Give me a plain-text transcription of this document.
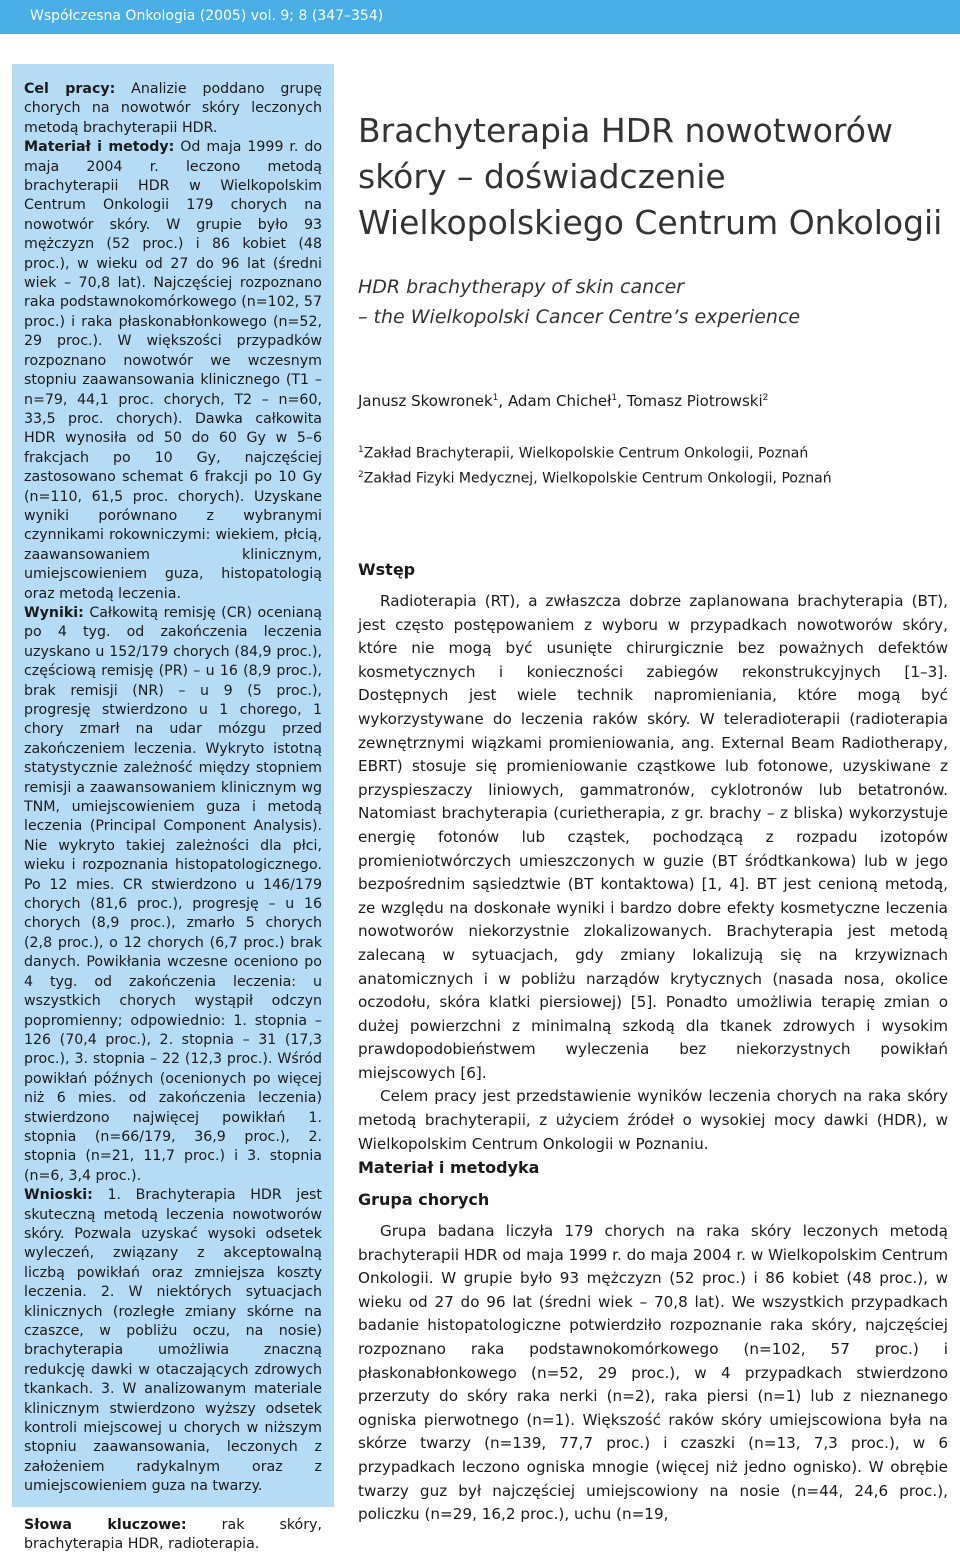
Współczesna Onkologia (2005) vol. 9; 8 (347–354)

Cel pracy: Analizie poddano grupę chorych na nowotwór skóry leczonych metodą brachyterapii HDR.

Materiał i metody: Od maja 1999 r. do maja 2004 r. leczono metodą brachyterapii HDR w Wielkopolskim Centrum Onkologii 179 chorych na nowotwór skóry. W grupie było 93 mężczyzn (52 proc.) i 86 kobiet (48 proc.), w wieku od 27 do 96 lat (średni wiek – 70,8 lat). Najczęściej rozpoznano raka podstawnokomórkowego (n=102, 57 proc.) i raka płaskonabłonkowego (n=52, 29 proc.). W większości przypadków rozpoznano nowotwór we wczesnym stopniu zaawansowania klinicznego (T1 – n=79, 44,1 proc. chorych, T2 – n=60, 33,5 proc. chorych). Dawka całkowita HDR wynosiła od 50 do 60 Gy w 5–6 frakcjach po 10 Gy, najczęściej zastosowano schemat 6 frakcji po 10 Gy (n=110, 61,5 proc. chorych). Uzyskane wyniki porównano z wybranymi czynnikami rokowniczymi: wiekiem, płcią, zaawansowaniem klinicznym, umiejscowieniem guza, histopatologią oraz metodą leczenia.

Wyniki: Całkowitą remisję (CR) ocenianą po 4 tyg. od zakończenia leczenia uzyskano u 152/179 chorych (84,9 proc.), częściową remisję (PR) – u 16 (8,9 proc.), brak remisji (NR) – u 9 (5 proc.), progresję stwierdzono u 1 chorego, 1 chory zmarł na udar mózgu przed zakończeniem leczenia. Wykryto istotną statystycznie zależność między stopniem remisji a zaawansowaniem klinicznym wg TNM, umiejscowieniem guza i metodą leczenia (Principal Component Analysis). Nie wykryto takiej zależności dla płci, wieku i rozpoznania histopatologicznego. Po 12 mies. CR stwierdzono u 146/179 chorych (81,6 proc.), progresję – u 16 chorych (8,9 proc.), zmarło 5 chorych (2,8 proc.), o 12 chorych (6,7 proc.) brak danych. Powikłania wczesne oceniono po 4 tyg. od zakończenia leczenia: u wszystkich chorych wystąpił odczyn popromienny; odpowiednio: 1. stopnia – 126 (70,4 proc.), 2. stopnia – 31 (17,3 proc.), 3. stopnia – 22 (12,3 proc.). Wśród powikłań późnych (ocenionych po więcej niż 6 mies. od zakończenia leczenia) stwierdzono najwięcej powikłań 1. stopnia (n=66/179, 36,9 proc.), 2. stopnia (n=21, 11,7 proc.) i 3. stopnia (n=6, 3,4 proc.).

Wnioski: 1. Brachyterapia HDR jest skuteczną metodą leczenia nowotworów skóry. Pozwala uzyskać wysoki odsetek wyleczeń, związany z akceptowalną liczbą powikłań oraz zmniejsza koszty leczenia. 2. W niektórych sytuacjach klinicznych (rozległe zmiany skórne na czaszce, w pobliżu oczu, na nosie) brachyterapia umożliwia znaczną redukcję dawki w otaczających zdrowych tkankach. 3. W analizowanym materiale klinicznym stwierdzono wyższy odsetek kontroli miejscowej u chorych w niższym stopniu zaawansowania, leczonych z założeniem radykalnym oraz z umiejscowieniem guza na twarzy.

Słowa kluczowe: rak skóry, brachyterapia HDR, radioterapia.

Brachyterapia HDR nowotworów skóry – doświadczenie Wielkopolskiego Centrum Onkologii
HDR brachytherapy of skin cancer
– the Wielkopolski Cancer Centre’s experience
Janusz Skowronek$^1$, Adam Chicheł$^1$, Tomasz Piotrowski$^2$
$^1$Zakład Brachyterapii, Wielkopolskie Centrum Onkologii, Poznań
$^2$Zakład Fizyki Medycznej, Wielkopolskie Centrum Onkologii, Poznań
Wstęp

Radioterapia (RT), a zwłaszcza dobrze zaplanowana brachyterapia (BT), jest często postępowaniem z wyboru w przypadkach nowotworów skóry, które nie mogą być usunięte chirurgicznie bez poważnych defektów kosmetycznych i konieczności zabiegów rekonstrukcyjnych [1–3]. Dostępnych jest wiele technik napromieniania, które mogą być wykorzystywane do leczenia raków skóry. W teleradioterapii (radioterapia zewnętrznymi wiązkami promieniowania, ang. External Beam Radiotherapy, EBRT) stosuje się promieniowanie cząstkowe lub fotonowe, uzyskiwane z przyspieszaczy liniowych, gammatronów, cyklotronów lub betatronów. Natomiast brachyterapia (curietherapia, z gr. brachy – z bliska) wykorzystuje energię fotonów lub cząstek, pochodzącą z rozpadu izotopów promieniotwórczych umieszczonych w guzie (BT śródtkankowa) lub w jego bezpośrednim sąsiedztwie (BT kontaktowa) [1, 4]. BT jest cenioną metodą, ze względu na doskonałe wyniki i bardzo dobre efekty kosmetyczne leczenia nowotworów niekorzystnie zlokalizowanych. Brachyterapia jest metodą zalecaną w sytuacjach, gdy zmiany lokalizują się na krzywiznach anatomicznych i w pobliżu narządów krytycznych (nasada nosa, okolice oczodołu, skóra klatki piersiowej) [5]. Ponadto umożliwia terapię zmian o dużej powierzchni z minimalną szkodą dla tkanek zdrowych i wysokim prawdopodobieństwem wyleczenia bez niekorzystnych powikłań miejscowych [6].

Celem pracy jest przedstawienie wyników leczenia chorych na raka skóry metodą brachyterapii, z użyciem źródeł o wysokiej mocy dawki (HDR), w Wielkopolskim Centrum Onkologii w Poznaniu.

Materiał i metodyka
Grupa chorych

Grupa badana liczyła 179 chorych na raka skóry leczonych metodą brachyterapii HDR od maja 1999 r. do maja 2004 r. w Wielkopolskim Centrum Onkologii. W grupie było 93 mężczyzn (52 proc.) i 86 kobiet (48 proc.), w wieku od 27 do 96 lat (średni wiek – 70,8 lat). We wszystkich przypadkach badanie histopatologiczne potwierdziło rozpoznanie raka skóry, najczęściej rozpoznano raka podstawnokomórkowego (n=102, 57 proc.) i płaskonabłonkowego (n=52, 29 proc.), w 4 przypadkach stwierdzono przerzuty do skóry raka nerki (n=2), raka piersi (n=1) lub z nieznanego ogniska pierwotnego (n=1). Większość raków skóry umiejscowiona była na skórze twarzy (n=139, 77,7 proc.) i czaszki (n=13, 7,3 proc.), w 6 przypadkach leczono ogniska mnogie (więcej niż jedno ognisko). W obrębie twarzy guz był najczęściej umiejscowiony na nosie (n=44, 24,6 proc.), policzku (n=29, 16,2 proc.), uchu (n=19,
